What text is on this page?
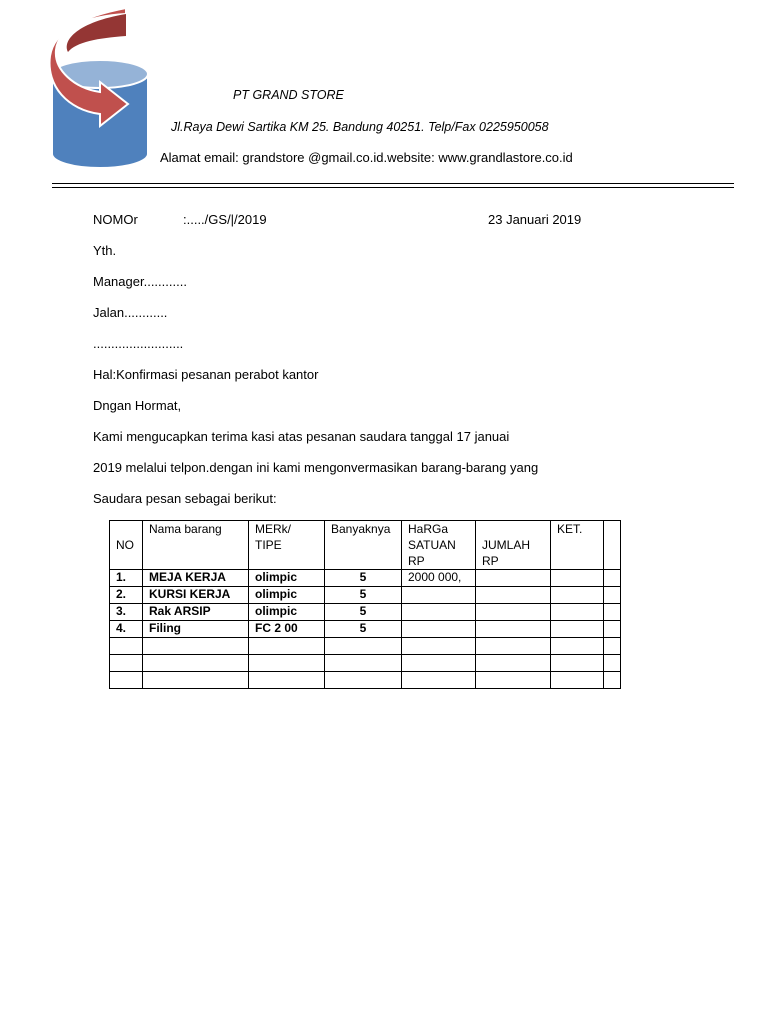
PT GRAND STORE
Jl.Raya Dewi Sartika KM 25. Bandung 40251. Telp/Fax 0225950058
Alamat email: grandstore @gmail.co.id.website: www.grandlastore.co.id
NOMOr	:...../GS/|/2019	23 Januari 2019
Yth.
Manager............
Jalan............
.........................
Hal:Konfirmasi pesanan perabot kantor
Dngan Hormat,
Kami mengucapkan terima kasi atas pesanan saudara tanggal 17 januai
2019 melalui telpon.dengan ini kami mengonvermasikan barang-barang yang
Saudara pesan sebagai berikut:
NO	Nama barang	MERk/ TIPE	Banyaknya	HaRGa SATUAN RP	JUMLAH RP	KET.	
1.	MEJA KERJA	olimpic	5	2000 000,			
2.	KURSI KERJA	olimpic	5				
3.	Rak ARSIP	olimpic	5				
4.	Filing	FC 2 00	5				
